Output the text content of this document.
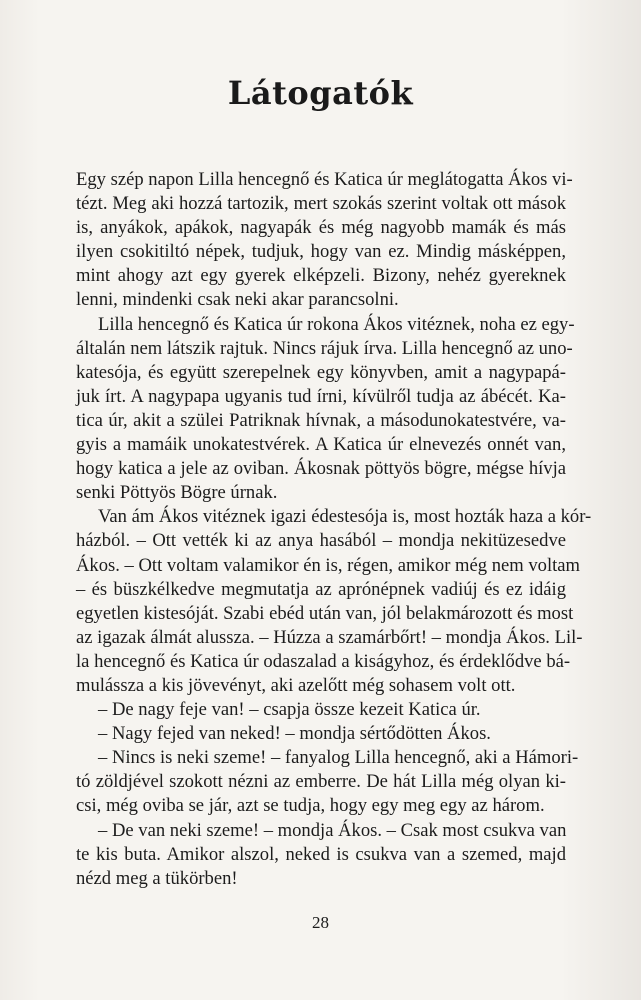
Látogatók
Egy szép napon Lilla hencegnő és Katica úr meglátogatta Ákos vi-
tézt. Meg aki hozzá tartozik, mert szokás szerint voltak ott mások
is, anyákok, apákok, nagyapák és még nagyobb mamák és más
ilyen csokitiltó népek, tudjuk, hogy van ez. Mindig másképpen,
mint ahogy azt egy gyerek elképzeli. Bizony, nehéz gyereknek
lenni, mindenki csak neki akar parancsolni.
Lilla hencegnő és Katica úr rokona Ákos vitéznek, noha ez egy-
általán nem látszik rajtuk. Nincs rájuk írva. Lilla hencegnő az uno-
katesója, és együtt szerepelnek egy könyvben, amit a nagypapá-
juk írt. A nagypapa ugyanis tud írni, kívülről tudja az ábécét. Ka-
tica úr, akit a szülei Patriknak hívnak, a másodunokatestvére, va-
gyis a mamáik unokatestvérek. A Katica úr elnevezés onnét van,
hogy katica a jele az oviban. Ákosnak pöttyös bögre, mégse hívja
senki Pöttyös Bögre úrnak.
Van ám Ákos vitéznek igazi édestesója is, most hozták haza a kór-
házból. – Ott vették ki az anya hasából – mondja nekitüzesedve
Ákos. – Ott voltam valamikor én is, régen, amikor még nem voltam
– és büszkélkedve megmutatja az aprónépnek vadiúj és ez idáig
egyetlen kistesóját. Szabi ebéd után van, jól belakmározott és most
az igazak álmát alussza. – Húzza a szamárbőrt! – mondja Ákos. Lil-
la hencegnő és Katica úr odaszalad a kiságyhoz, és érdeklődve bá-
mulássza a kis jövevényt, aki azelőtt még sohasem volt ott.
– De nagy feje van! – csapja össze kezeit Katica úr.
– Nagy fejed van neked! – mondja sértődötten Ákos.
– Nincs is neki szeme! – fanyalog Lilla hencegnő, aki a Hámori-
tó zöldjével szokott nézni az emberre. De hát Lilla még olyan ki-
csi, még oviba se jár, azt se tudja, hogy egy meg egy az három.
– De van neki szeme! – mondja Ákos. – Csak most csukva van
te kis buta. Amikor alszol, neked is csukva van a szemed, majd
nézd meg a tükörben!
28
